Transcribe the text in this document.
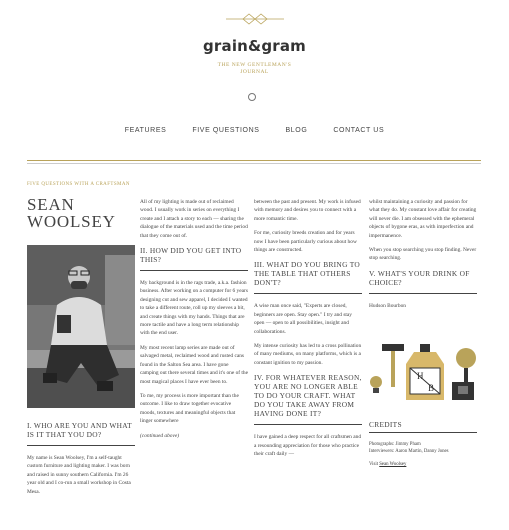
grain&gram
THE NEW GENTLEMAN'S
JOURNAL
FEATURES	FIVE QUESTIONS	BLOG	CONTACT US
FIVE QUESTIONS WITH A CRAFTSMAN
SEAN WOOLSEY
I. WHO ARE YOU AND WHAT IS IT THAT YOU DO?

My name is Sean Woolsey, I'm a self-taught custom furniture and lighting maker. I was born and raised in sunny southern California. I'm 26 year old and I co-run a small workshop in Costa Mesa.

All of my lighting is made out of reclaimed wood. I usually work in series on everything I create and I attach a story to each — sharing the dialogue of the materials used and the time period that they come out of.

II. HOW DID YOU GET INTO THIS?

My background is in the rags trade, a.k.a. fashion business. After working on a computer for 6 years designing cut and sew apparel, I decided I wanted to take a different route, roll up my sleeves a bit, and create things with my hands. Things that are more tactile and have a long term relationship with the end user.

My most recent lamp series are made out of salvaged metal, reclaimed wood and rusted cans found in the Salton Sea area. I have gone camping out there several times and it's one of the most magical places I have ever been to.

To me, my process is more important than the outcome. I like to draw together evocative moods, textures and meaningful objects that linger somewhere

(continued above)

between the past and present. My work is infused with memory and desires you to connect with a more romantic time.

For me, curiosity breeds creation and for years now I have been particularly curious about how things are constructed.

III. WHAT DO YOU BRING TO THE TABLE THAT OTHERS DON'T?

A wise man once said, "Experts are closed, beginners are open. Stay open." I try and stay open — open to all possibilities, insight and collaborations.

My intense curiosity has led to a cross pollination of many mediums, on many platforms, which is a constant ignition to my passion.

IV. FOR WHATEVER REASON, YOU ARE NO LONGER ABLE TO DO YOUR CRAFT. WHAT DO YOU TAKE AWAY FROM HAVING DONE IT?

I have gained a deep respect for all craftsmen and a resounding appreciation for those who practice their craft daily —

whilst maintaining a curiosity and passion for what they do. My constant love affair for creating will never die. I am obsessed with the ephemeral objects of bygone eras, as with imperfection and impermanence.

When you stop searching you stop finding. Never stop searching.

V. WHAT'S YOUR DRINK OF CHOICE?

Hudson Bourbon

H
B
CREDITS
Photographs: Jimmy Pham
Interviewers: Aaron Martin, Danny Jones
Visit Sean Woolsey
